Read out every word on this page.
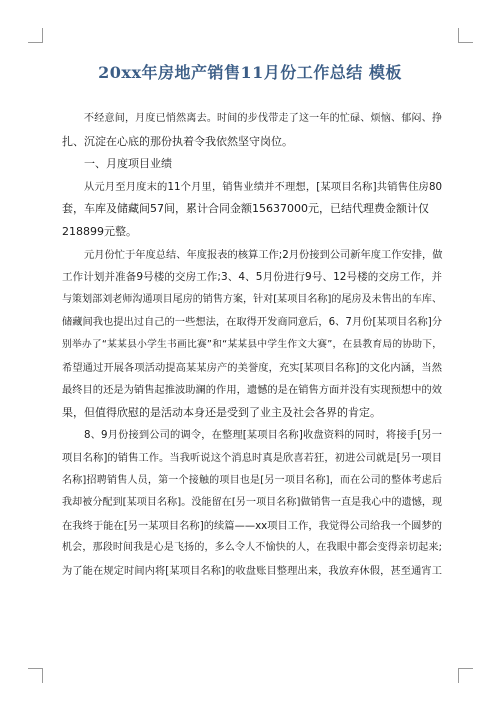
20xx年房地产销售11月份工作总结 模板
不经意间，月度已悄然离去。时间的步伐带走了这一年的忙碌、烦恼、郁闷、挣
扎、沉淀在心底的那份执着令我依然坚守岗位。
一、月度项目业绩
从元月至月度末的11个月里，销售业绩并不理想，[某项目名称]共销售住房80
套，车库及储藏间57间，累计合同金额15637000元，已结代理费金额计仅
218899元整。
元月份忙于年度总结、年度报表的核算工作;2月份接到公司新年度工作安排，做
工作计划并准备9号楼的交房工作;3、4、5月份进行9号、12号楼的交房工作，并
与策划部刘老师沟通项目尾房的销售方案，针对[某项目名称]的尾房及未售出的车库、
储藏间我也提出过自己的一些想法，在取得开发商同意后，6、7月份[某项目名称]分
别举办了“某某县小学生书画比赛”和“某某县中学生作文大赛”，在县教育局的协助下，
希望通过开展各项活动提高某某房产的美誉度，充实[某项目名称]的文化内涵，当然
最终目的还是为销售起推波助澜的作用，遗憾的是在销售方面并没有实现预想中的效
果，但值得欣慰的是活动本身还是受到了业主及社会各界的肯定。
8、9月份接到公司的调令，在整理[某项目名称]收盘资料的同时，将接手[另一
项目名称]的销售工作。当我听说这个消息时真是欣喜若狂，初进公司就是[另一项目
名称]招聘销售人员，第一个接触的项目也是[另一项目名称]，而在公司的整体考虑后
我却被分配到[某项目名称]。没能留在[另一项目名称]做销售一直是我心中的遗憾，现
在我终于能在[另一某项目名称]的续篇——xx项目工作，我觉得公司给我一个圆梦的
机会，那段时间我是心是飞扬的，多么令人不愉快的人，在我眼中都会变得亲切起来;
为了能在规定时间内将[某项目名称]的收盘账目整理出来，我放弃休假，甚至通宵工
